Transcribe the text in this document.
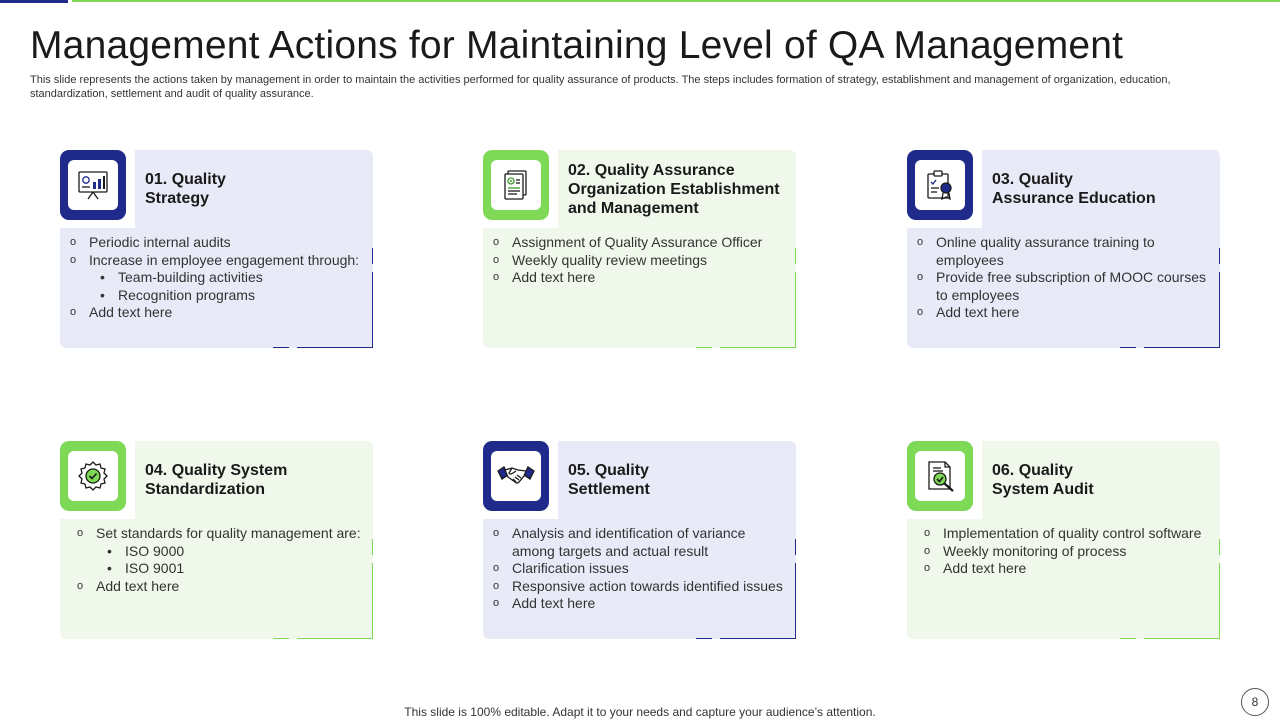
Management Actions for Maintaining Level of QA Management
This slide represents the actions taken by management in order to maintain the activities performed for quality assurance of products. The steps includes formation of strategy, establishment and management of organization, education, standardization, settlement and audit of quality assurance.
01. Quality
Strategy
o Periodic internal audits
o Increase in employee engagement through:
• Team-building activities
• Recognition programs
o Add text here
02. Quality Assurance
Organization Establishment
and Management
o Assignment of Quality Assurance Officer
o Weekly quality review meetings
o Add text here
03. Quality
Assurance Education
o Online quality assurance training to employees
o Provide free subscription of MOOC courses to employees
o Add text here
04. Quality System
Standardization
o Set standards for quality management are:
• ISO 9000
• ISO 9001
o Add text here
05. Quality
Settlement
o Analysis and identification of variance among targets and actual result
o Clarification issues
o Responsive action towards identified issues
o Add text here
06. Quality
System Audit
o Implementation of quality control software
o Weekly monitoring of process
o Add text here
This slide is 100% editable. Adapt it to your needs and capture your audience’s attention.
8
